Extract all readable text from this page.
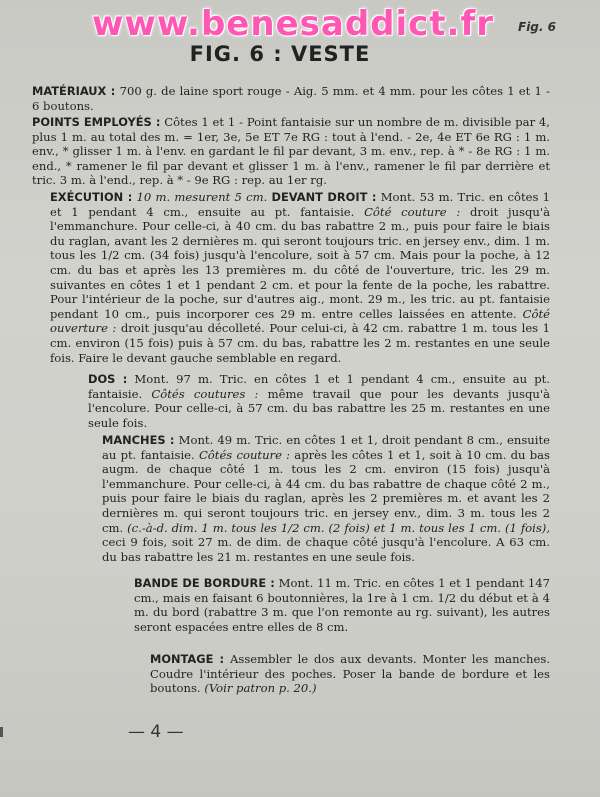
www.benesaddict.fr Fig. 6
FIG. 6 : VESTE
MATÉRIAUX : 700 g. de laine sport rouge - Aig. 5 mm. et 4 mm. pour les côtes 1 et 1 - 6 boutons.
POINTS EMPLOYÉS : Côtes 1 et 1 - Point fantaisie sur un nombre de m. divisible par 4, plus 1 m. au total des m. = 1er, 3e, 5e ET 7e RG : tout à l'end. - 2e, 4e ET 6e RG : 1 m. env., * glisser 1 m. à l'env. en gardant le fil par devant, 3 m. env., rep. à * - 8e RG : 1 m. end., * ramener le fil par devant et glisser 1 m. à l'env., ramener le fil par derrière et tric. 3 m. à l'end., rep. à * - 9e RG : rep. au 1er rg.
EXÉCUTION : 10 m. mesurent 5 cm. DEVANT DROIT : Mont. 53 m. Tric. en côtes 1 et 1 pendant 4 cm., ensuite au pt. fantaisie. Côté couture : droit jusqu'à l'emmanchure. Pour celle-ci, à 40 cm. du bas rabattre 2 m., puis pour faire le biais du raglan, avant les 2 dernières m. qui seront toujours tric. en jersey env., dim. 1 m. tous les 1/2 cm. (34 fois) jusqu'à l'encolure, soit à 57 cm. Mais pour la poche, à 12 cm. du bas et après les 13 premières m. du côté de l'ouverture, tric. les 29 m. suivantes en côtes 1 et 1 pendant 2 cm. et pour la fente de la poche, les rabattre. Pour l'intérieur de la poche, sur d'autres aig., mont. 29 m., les tric. au pt. fantaisie pendant 10 cm., puis incorporer ces 29 m. entre celles laissées en attente. Côté ouverture : droit jusqu'au décolleté. Pour celui-ci, à 42 cm. rabattre 1 m. tous les 1 cm. environ (15 fois) puis à 57 cm. du bas, rabattre les 2 m. restantes en une seule fois. Faire le devant gauche semblable en regard.
DOS : Mont. 97 m. Tric. en côtes 1 et 1 pendant 4 cm., ensuite au pt. fantaisie. Côtés coutures : même travail que pour les devants jusqu'à l'encolure. Pour celle-ci, à 57 cm. du bas rabattre les 25 m. restantes en une seule fois.
MANCHES : Mont. 49 m. Tric. en côtes 1 et 1, droit pendant 8 cm., ensuite au pt. fantaisie. Côtés couture : après les côtes 1 et 1, soit à 10 cm. du bas augm. de chaque côté 1 m. tous les 2 cm. environ (15 fois) jusqu'à l'emmanchure. Pour celle-ci, à 44 cm. du bas rabattre de chaque côté 2 m., puis pour faire le biais du raglan, après les 2 premières m. et avant les 2 dernières m. qui seront toujours tric. en jersey env., dim. 3 m. tous les 2 cm. (c.-à-d. dim. 1 m. tous les 1/2 cm. (2 fois) et 1 m. tous les 1 cm. (1 fois), ceci 9 fois, soit 27 m. de dim. de chaque côté jusqu'à l'encolure. A 63 cm. du bas rabattre les 21 m. restantes en une seule fois.
BANDE DE BORDURE : Mont. 11 m. Tric. en côtes 1 et 1 pendant 147 cm., mais en faisant 6 boutonnières, la 1re à 1 cm. 1/2 du début et à 4 m. du bord (rabattre 3 m. que l'on remonte au rg. suivant), les autres seront espacées entre elles de 8 cm.
MONTAGE : Assembler le dos aux devants. Monter les manches. Coudre l'intérieur des poches. Poser la bande de bordure et les boutons. (Voir patron p. 20.)
— 4 —
